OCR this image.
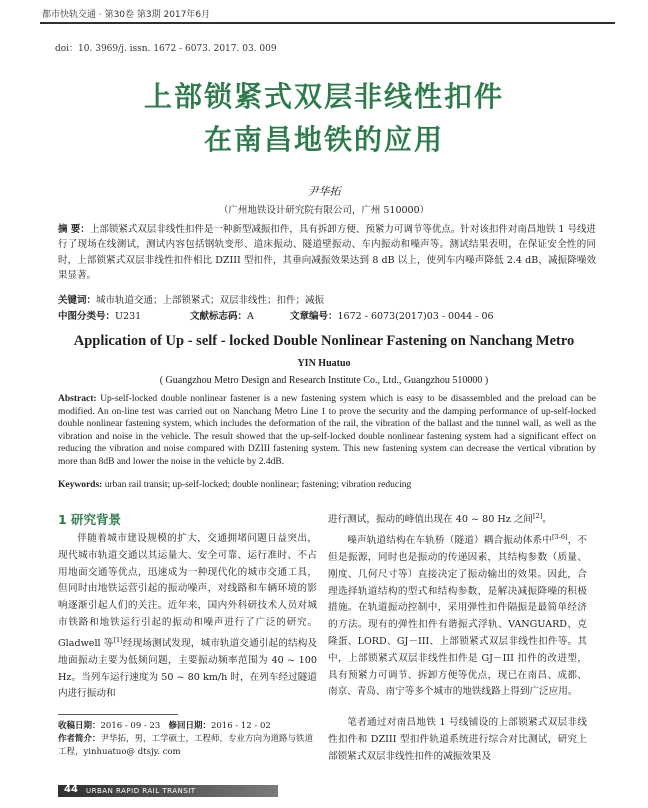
都市快轨交通 · 第30卷 第3期 2017年6月
doi：10. 3969/j. issn. 1672 - 6073. 2017. 03. 009
上部锁紧式双层非线性扣件
在南昌地铁的应用
尹华拓
（广州地铁设计研究院有限公司，广州 510000）
摘 要：上部锁紧式双层非线性扣件是一种新型减振扣件，具有拆卸方便、预紧力可调节等优点。针对该扣件对南昌地铁 1 号线进行了现场在线测试，测试内容包括钢轨变形、道床振动、隧道壁振动、车内振动和噪声等。测试结果表明，在保证安全性的同时，上部锁紧式双层非线性扣件相比 DZIII 型扣件，其垂向减振效果达到 8 dB 以上，使列车内噪声降低 2.4 dB，减振降噪效果显著。
关键词：城市轨道交通；上部锁紧式；双层非线性；扣件；减振
中图分类号：U231	文献标志码：A	文章编号：1672 - 6073(2017)03 - 0044 - 06
Application of Up - self - locked Double Nonlinear Fastening on Nanchang Metro
YIN Huatuo
( Guangzhou Metro Design and Research Institute Co., Ltd., Guangzhou 510000 )
Abstract: Up-self-locked double nonlinear fastener is a new fastening system which is easy to be disassembled and the preload can be modified. An on-line test was carried out on Nanchang Metro Line 1 to prove the security and the damping performance of up-self-locked double nonlinear fastening system, which includes the deformation of the rail, the vibration of the ballast and the tunnel wall, as well as the vibration and noise in the vehicle. The result showed that the up-self-locked double nonlinear fastening system had a significant effect on reducing the vibration and noise compared with DZIII fastening system. This new fastening system can decrease the vertical vibration by more than 8dB and lower the noise in the vehicle by 2.4dB.
Keywords: urban rail transit; up-self-locked; double nonlinear; fastening; vibration reducing
1 研究背景

伴随着城市建设规模的扩大，交通拥堵问题日益突出，现代城市轨道交通以其运量大、安全可靠、运行准时、不占用地面交通等优点，迅速成为一种现代化的城市交通工具，但同时由地铁运营引起的振动噪声，对线路和车辆环境的影响逐渐引起人们的关注。近年来，国内外科研技术人员对城市铁路和地铁运行引起的振动和噪声进行了广泛的研究。Gladwell 等[1]经现场测试发现，城市轨道交通引起的结构及地面振动主要为低频问题，主要振动频率范围为 40 ~ 100 Hz。当列车运行速度为 50 ~ 80 km/h 时，在列车经过隧道内进行振动和

进行测试，振动的峰值出现在 40 ~ 80 Hz 之间[2]。

噪声轨道结构在车轨桥（隧道）耦合振动体系中[3-6]，不但是振源，同时也是振动的传递因素，其结构参数（质量、刚度、几何尺寸等）直接决定了振动输出的效果。因此，合理选择轨道结构的型式和结构参数，是解决减振降噪的积极措施。在轨道振动控制中，采用弹性扣件隔振是最简单经济的方法。现有的弹性扣件有谐振式浮轨、VANGUARD、克隆蛋、LORD、GJ－III、上部锁紧式双层非线性扣件等。其中，上部锁紧式双层非线性扣件是 GJ－III 扣件的改进型，具有预紧力可调节、拆卸方便等优点，现已在南昌、成都、南京、青岛、南宁等多个城市的地铁线路上得到广泛应用。

笔者通过对南昌地铁 1 号线铺设的上部锁紧式双层非线性扣件和 DZIII 型扣件轨道系统进行综合对比测试，研究上部锁紧式双层非线性扣件的减振效果及

收稿日期：2016 - 09 - 23 修回日期：2016 - 12 - 02
作者简介：尹华拓，男，工学硕士，工程师，专业方向为道路与铁道工程，yinhuatuo@ dtsjy. com
44 URBAN RAPID RAIL TRANSIT
